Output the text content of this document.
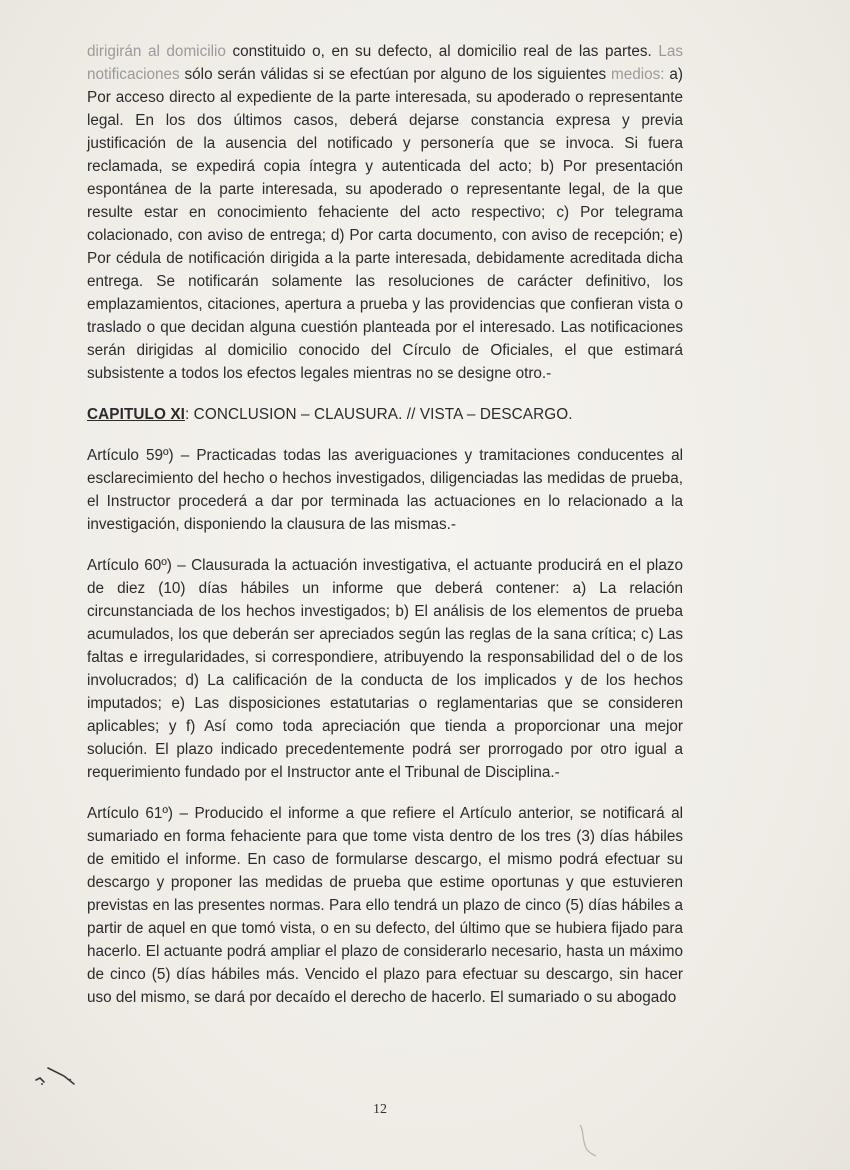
dirigirán al domicilio constituido o, en su defecto, al domicilio real de las partes. Las notificaciones sólo serán válidas si se efectúan por alguno de los siguientes medios: a) Por acceso directo al expediente de la parte interesada, su apoderado o representante legal. En los dos últimos casos, deberá dejarse constancia expresa y previa justificación de la ausencia del notificado y personería que se invoca. Si fuera reclamada, se expedirá copia íntegra y autenticada del acto; b) Por presentación espontánea de la parte interesada, su apoderado o representante legal, de la que resulte estar en conocimiento fehaciente del acto respectivo; c) Por telegrama colacionado, con aviso de entrega; d) Por carta documento, con aviso de recepción; e) Por cédula de notificación dirigida a la parte interesada, debidamente acreditada dicha entrega. Se notificarán solamente las resoluciones de carácter definitivo, los emplazamientos, citaciones, apertura a prueba y las providencias que confieran vista o traslado o que decidan alguna cuestión planteada por el interesado. Las notificaciones serán dirigidas al domicilio conocido del Círculo de Oficiales, el que estimará subsistente a todos los efectos legales mientras no se designe otro.-

CAPITULO XI: CONCLUSION – CLAUSURA. // VISTA – DESCARGO.

Artículo 59º) – Practicadas todas las averiguaciones y tramitaciones conducentes al esclarecimiento del hecho o hechos investigados, diligenciadas las medidas de prueba, el Instructor procederá a dar por terminada las actuaciones en lo relacionado a la investigación, disponiendo la clausura de las mismas.-

Artículo 60º) – Clausurada la actuación investigativa, el actuante producirá en el plazo de diez (10) días hábiles un informe que deberá contener: a) La relación circunstanciada de los hechos investigados; b) El análisis de los elementos de prueba acumulados, los que deberán ser apreciados según las reglas de la sana crítica; c) Las faltas e irregularidades, si correspondiere, atribuyendo la responsabilidad del o de los involucrados; d) La calificación de la conducta de los implicados y de los hechos imputados; e) Las disposiciones estatutarias o reglamentarias que se consideren aplicables; y f) Así como toda apreciación que tienda a proporcionar una mejor solución. El plazo indicado precedentemente podrá ser prorrogado por otro igual a requerimiento fundado por el Instructor ante el Tribunal de Disciplina.-

Artículo 61º) – Producido el informe a que refiere el Artículo anterior, se notificará al sumariado en forma fehaciente para que tome vista dentro de los tres (3) días hábiles de emitido el informe. En caso de formularse descargo, el mismo podrá efectuar su descargo y proponer las medidas de prueba que estime oportunas y que estuvieren previstas en las presentes normas. Para ello tendrá un plazo de cinco (5) días hábiles a partir de aquel en que tomó vista, o en su defecto, del último que se hubiera fijado para hacerlo. El actuante podrá ampliar el plazo de considerarlo necesario, hasta un máximo de cinco (5) días hábiles más. Vencido el plazo para efectuar su descargo, sin hacer uso del mismo, se dará por decaído el derecho de hacerlo. El sumariado o su abogado

12
